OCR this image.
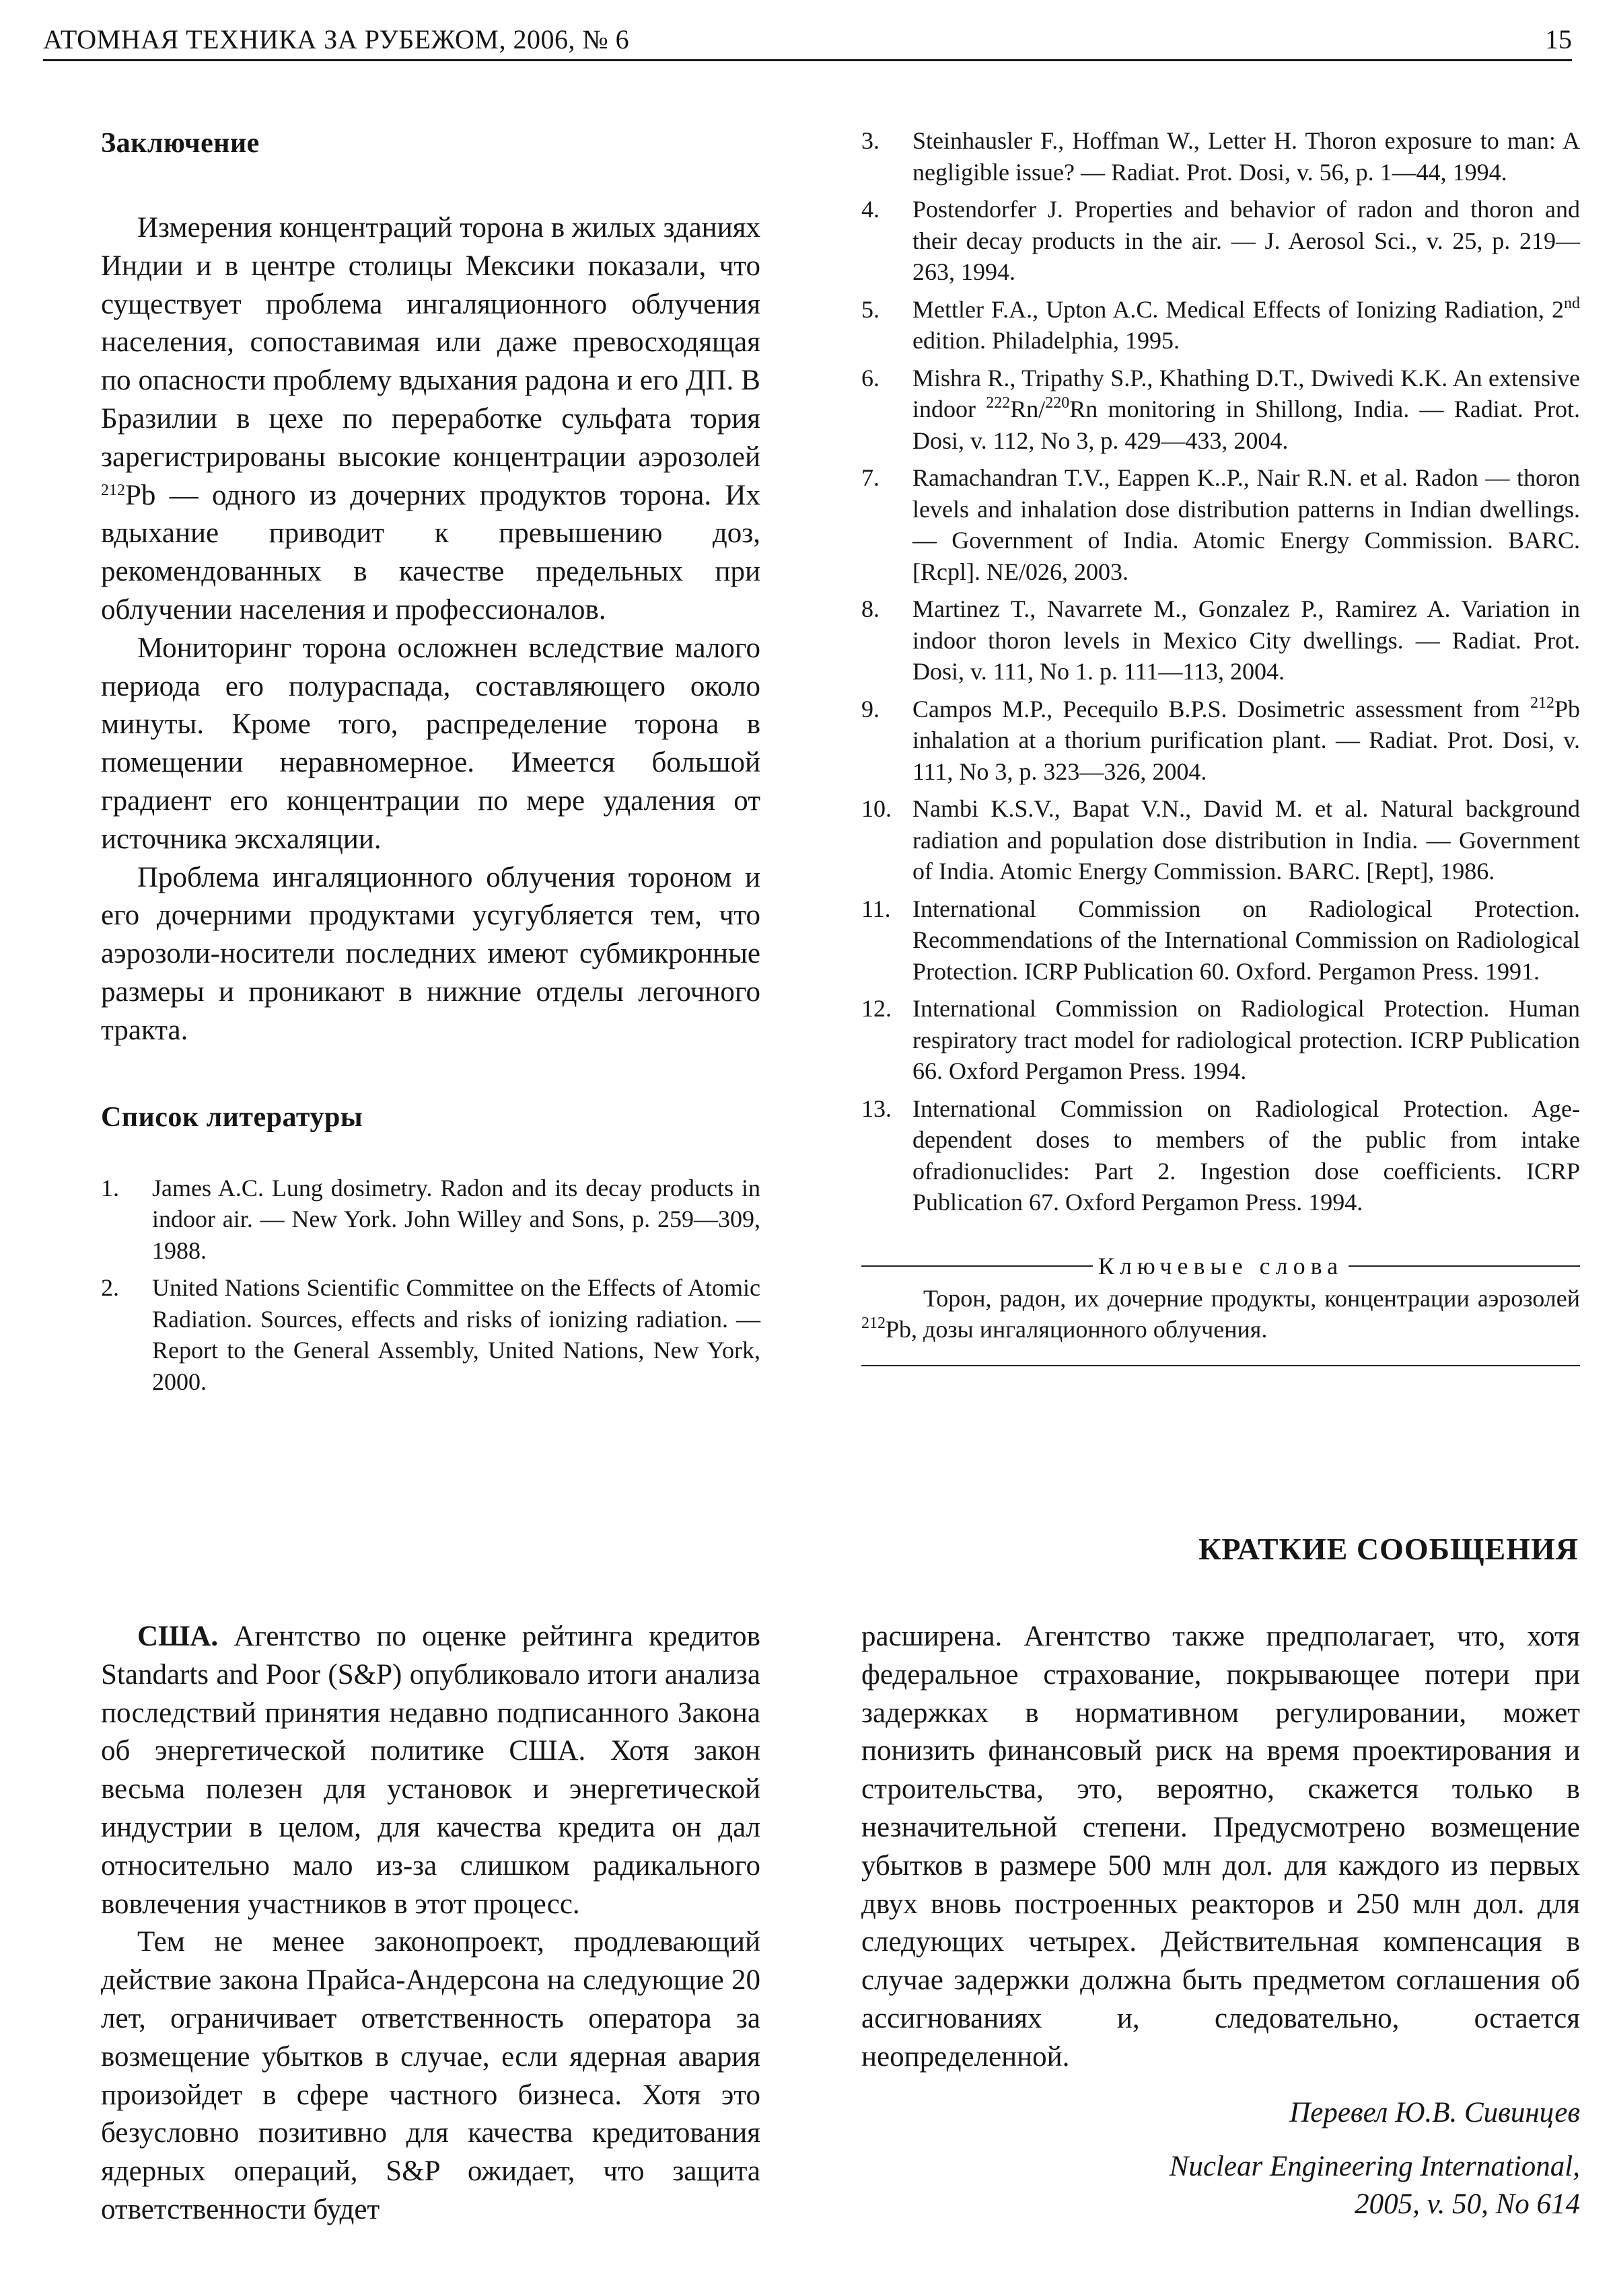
АТОМНАЯ ТЕХНИКА ЗА РУБЕЖОМ, 2006, № 6	15
Заключение

Измерения концентраций торона в жилых зданиях Индии и в центре столицы Мексики показали, что существует проблема ингаляционного облучения населения, сопоставимая или даже превосходящая по опасности проблему вдыхания радона и его ДП. В Бразилии в цехе по переработке сульфата тория зарегистрированы высокие концентрации аэрозолей $^{212}$Pb — одного из дочерних продуктов торона. Их вдыхание приводит к превышению доз, рекомендованных в качестве предельных при облучении населения и профессионалов.

Мониторинг торона осложнен вследствие малого периода его полураспада, составляющего около минуты. Кроме того, распределение торона в помещении неравномерное. Имеется большой градиент его концентрации по мере удаления от источника эксхаляции.

Проблема ингаляционного облучения тороном и его дочерними продуктами усугубляется тем, что аэрозоли-носители последних имеют субмикронные размеры и проникают в нижние отделы легочного тракта.

Список литературы
1. James A.C. Lung dosimetry. Radon and its decay products in indoor air. — New York. John Willey and Sons, p. 259—309, 1988.
2. United Nations Scientific Committee on the Effects of Atomic Radiation. Sources, effects and risks of ionizing radiation. — Report to the General Assembly, United Nations, New York, 2000.
3. Steinhausler F., Hoffman W., Letter H. Thoron exposure to man: A negligible issue? — Radiat. Prot. Dosi, v. 56, p. 1—44, 1994.
4. Postendorfer J. Properties and behavior of radon and thoron and their decay products in the air. — J. Aerosol Sci., v. 25, p. 219—263, 1994.
5. Mettler F.A., Upton A.C. Medical Effects of Ionizing Radiation, 2nd edition. Philadelphia, 1995.
6. Mishra R., Tripathy S.P., Khathing D.T., Dwivedi K.K. An extensive indoor $^{222}$Rn/$^{220}$Rn monitoring in Shillong, India. — Radiat. Prot. Dosi, v. 112, No 3, p. 429—433, 2004.
7. Ramachandran T.V., Eappen K..P., Nair R.N. et al. Radon — thoron levels and inhalation dose distribution patterns in Indian dwellings. — Government of India. Atomic Energy Commission. BARC. [Rcpl]. NE/026, 2003.
8. Martinez T., Navarrete M., Gonzalez P., Ramirez A. Variation in indoor thoron levels in Mexico City dwellings. — Radiat. Prot. Dosi, v. 111, No 1. p. 111—113, 2004.
9. Campos M.P., Pecequilo B.P.S. Dosimetric assessment from $^{212}$Pb inhalation at a thorium purification plant. — Radiat. Prot. Dosi, v. 111, No 3, p. 323—326, 2004.
10. Nambi K.S.V., Bapat V.N., David M. et al. Natural background radiation and population dose distribution in India. — Government of India. Atomic Energy Commission. BARC. [Rept], 1986.
11. International Commission on Radiological Protection. Recommendations of the International Commission on Radiological Protection. ICRP Publication 60. Oxford. Pergamon Press. 1991.
12. International Commission on Radiological Protection. Human respiratory tract model for radiological protection. ICRP Publication 66. Oxford Pergamon Press. 1994.
13. International Commission on Radiological Protection. Age-dependent doses to members of the public from intake ofradionuclides: Part 2. Ingestion dose coefficients. ICRP Publication 67. Oxford Pergamon Press. 1994.
Ключевые слова
Торон, радон, их дочерние продукты, концентрации аэрозолей $^{212}$Pb, дозы ингаляционного облучения.
КРАТКИЕ СООБЩЕНИЯ

США. Агентство по оценке рейтинга кредитов Standarts and Poor (S&P) опубликовало итоги анализа последствий принятия недавно подписанного Закона об энергетической политике США. Хотя закон весьма полезен для установок и энергетической индустрии в целом, для качества кредита он дал относительно мало из-за слишком радикального вовлечения участников в этот процесс.

Тем не менее законопроект, продлевающий действие закона Прайса-Андерсона на следующие 20 лет, ограничивает ответственность оператора за возмещение убытков в случае, если ядерная авария произойдет в сфере частного бизнеса. Хотя это безусловно позитивно для качества кредитования ядерных операций, S&P ожидает, что защита ответственности будет

расширена. Агентство также предполагает, что, хотя федеральное страхование, покрывающее потери при задержках в нормативном регулировании, может понизить финансовый риск на время проектирования и строительства, это, вероятно, скажется только в незначительной степени. Предусмотрено возмещение убытков в размере 500 млн дол. для каждого из первых двух вновь построенных реакторов и 250 млн дол. для следующих четырех. Действительная компенсация в случае задержки должна быть предметом соглашения об ассигнованиях и, следовательно, остается неопределенной.

Перевел Ю.В. Сивинцев
Nuclear Engineering International,
2005, v. 50, No 614
